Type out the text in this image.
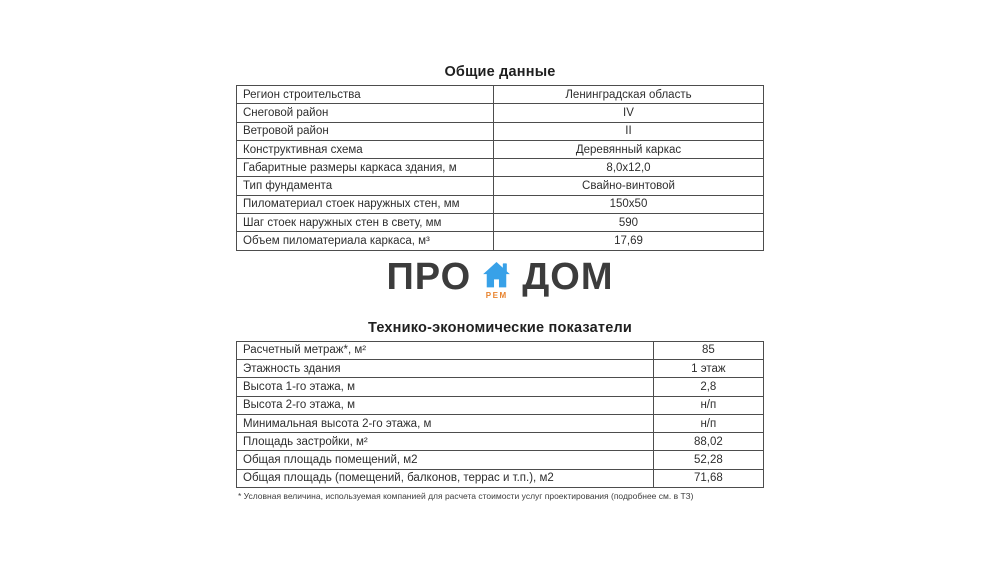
Общие данные
Регион строительства	Ленинградская область
Снеговой район	IV
Ветровой район	II
Конструктивная схема	Деревянный каркас
Габаритные размеры каркаса здания, м	8,0x12,0
Тип фундамента	Свайно-винтовой
Пиломатериал стоек наружных стен, мм	150x50
Шаг стоек наружных стен в свету, мм	590
Объем пиломатериала каркаса, м³	17,69
ПРО РЕМ ДОМ
Технико-экономические показатели
Расчетный метраж*, м²	85
Этажность здания	1 этаж
Высота 1-го этажа, м	2,8
Высота 2-го этажа, м	н/п
Минимальная высота 2-го этажа, м	н/п
Площадь застройки, м²	88,02
Общая площадь помещений, м2	52,28
Общая площадь (помещений, балконов, террас и т.п.), м2	71,68
* Условная величина, используемая компанией для расчета стоимости услуг проектирования (подробнее см. в ТЗ)
